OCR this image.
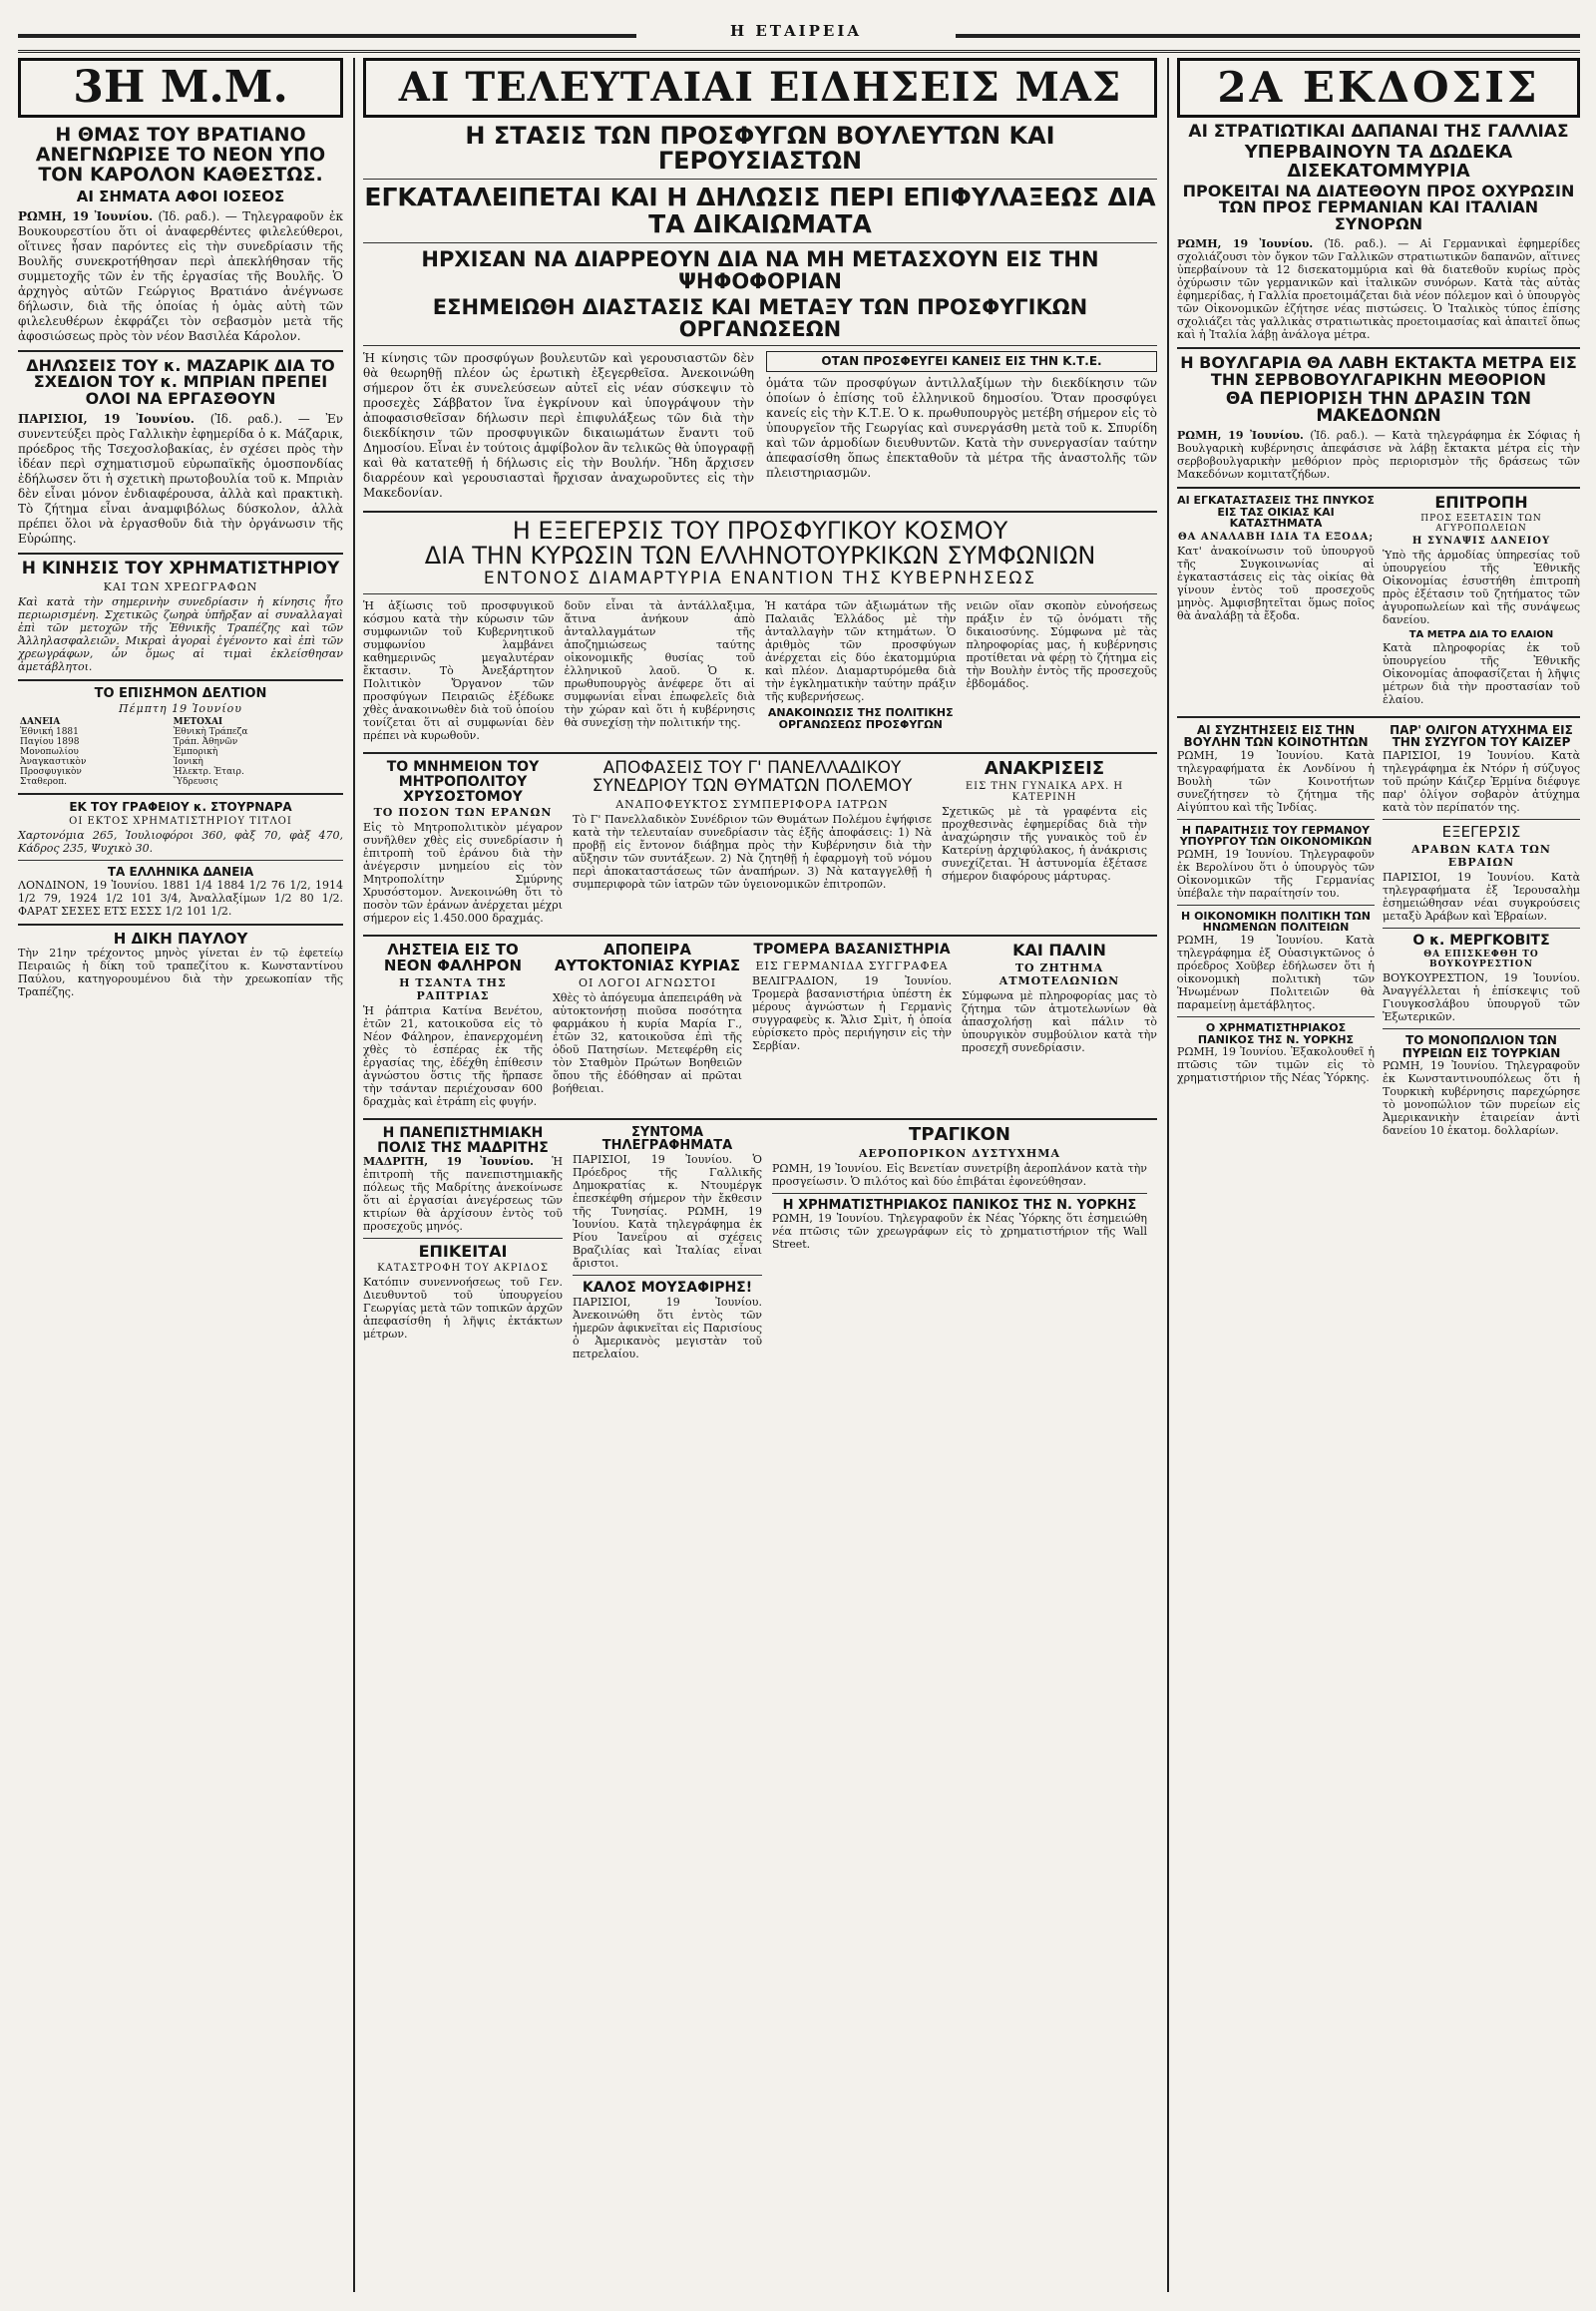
Η ΕΤΑΙΡΕΙΑ
3Η Μ.Μ.

Η ΘΜΑΣ ΤΟΥ ΒΡΑΤΙΑΝΟ ΑΝΕΓΝΩΡΙΣΕ ΤΟ ΝΕΟΝ ΥΠΟ ΤΟΝ ΚΑΡΟΛΟΝ ΚΑΘΕΣΤΩΣ.

ΑΙ ΣΗΜΑΤΑ ΑΦΟΙ ΙΟΣΕΟΣ

ΡΩΜΗ, 19 Ἰουνίου. (Ἰδ. ραδ.). — Τηλεγραφοῦν ἐκ Βουκουρεστίου ὅτι οἱ ἀναφερθέντες φιλελεύθεροι, οἵτινες ἦσαν παρόντες εἰς τὴν συνεδρίασιν τῆς Βουλῆς συνεκροτήθησαν περὶ ἀπεκλήθησαν τῆς συμμετοχῆς τῶν ἐν τῆς ἐργασίας τῆς Βουλῆς. Ὁ ἀρχηγὸς αὐτῶν Γεώργιος Βρατιάνο ἀνέγνωσε δήλωσιν, διὰ τῆς ὁποίας ἡ ὁμὰς αὐτὴ τῶν φιλελευθέρων ἐκφράζει τὸν σεβασμὸν μετὰ τῆς ἀφοσιώσεως πρὸς τὸν νέον Βασιλέα Κάρολον.

ΔΗΛΩΣΕΙΣ ΤΟΥ κ. ΜΑΖΑΡΙΚ ΔΙΑ ΤΟ ΣΧΕΔΙΟΝ ΤΟΥ κ. ΜΠΡΙΑΝ ΠΡΕΠΕΙ ΟΛΟΙ ΝΑ ΕΡΓΑΣΘΟΥΝ

ΠΑΡΙΣΙΟΙ, 19 Ἰουνίου. (Ἰδ. ραδ.). — Ἐν συνεντεύξει πρὸς Γαλλικὴν ἐφημερίδα ὁ κ. Μάζαρικ, πρόεδρος τῆς Τσεχοσλοβακίας, ἐν σχέσει πρὸς τὴν ἰδέαν περὶ σχηματισμοῦ εὐρωπαϊκῆς ὁμοσπονδίας ἐδήλωσεν ὅτι ἡ σχετικὴ πρωτοβουλία τοῦ κ. Μπριὰν δὲν εἶναι μόνον ἐνδιαφέρουσα, ἀλλὰ καὶ πρακτικὴ. Τὸ ζήτημα εἶναι ἀναμφιβόλως δύσκολον, ἀλλὰ πρέπει ὅλοι νὰ ἐργασθοῦν διὰ τὴν ὀργάνωσιν τῆς Εὐρώπης.

Η ΚΙΝΗΣΙΣ ΤΟΥ ΧΡΗΜΑΤΙΣΤΗΡΙΟΥ

ΚΑΙ ΤΩΝ ΧΡΕΩΓΡΑΦΩΝ

Καὶ κατὰ τὴν σημερινὴν συνεδρίασιν ἡ κίνησις ἦτο περιωρισμένη. Σχετικῶς ζωηρὰ ὑπῆρξαν αἱ συναλλαγαὶ ἐπὶ τῶν μετοχῶν τῆς Ἐθνικῆς Τραπέζης καὶ τῶν Ἀλληλασφαλειῶν. Μικραὶ ἀγοραὶ ἐγένοντο καὶ ἐπὶ τῶν χρεωγράφων, ὧν ὅμως αἱ τιμαὶ ἐκλείσθησαν ἀμετάβλητοι.

ΤΟ ΕΠΙΣΗΜΟΝ ΔΕΛΤΙΟΝ

Πέμπτη 19 Ἰουνίου

ΔΑΝΕΙΑ	ΜΕΤΟΧΑΙ
Ἐθνική 1881	Ἐθνικὴ Τράπεζα
Παγίου 1898	Τράπ. Ἀθηνῶν
Μονοπωλίου	Ἐμπορικὴ
Ἀναγκαστικὸν	Ἰονικὴ
Προσφυγικὸν	Ἡλεκτρ. Ἑταιρ.
Σταθεροπ.	Ὕδρευσις

ΕΚ ΤΟΥ ΓΡΑΦΕΙΟΥ κ. ΣΤΟΥΡΝΑΡΑ

ΟΙ ΕΚΤΟΣ ΧΡΗΜΑΤΙΣΤΗΡΙΟΥ ΤΙΤΛΟΙ

Χαρτονόμια 265, Ἰουλιοφόροι 360, φὰξ 70, φὰξ 470, Κάδρος 235, Ψυχικὸ 30.

ΤΑ ΕΛΛΗΝΙΚΑ ΔΑΝΕΙΑ

ΛΟΝΔΙΝΟΝ, 19 Ἰουνίου. 1881 1/4 1884 1/2 76 1/2, 1914 1/2 79, 1924 1/2 101 3/4, Ἀναλλαξίμων 1/2 80 1/2. ΦΑΡΑΤ ΣΕΣΕΣ ΕΤΣ ΕΣΣΣ 1/2 101 1/2.

Η ΔΙΚΗ ΠΑΥΛΟΥ

Τὴν 21ην τρέχοντος μηνὸς γίνεται ἐν τῷ ἐφετείῳ Πειραιῶς ἡ δίκη τοῦ τραπεζίτου κ. Κωνσταντίνου Παύλου, κατηγορουμένου διὰ τὴν χρεωκοπίαν τῆς Τραπέζης.

ΑΙ ΤΕΛΕΥΤΑΙΑΙ ΕΙΔΗΣΕΙΣ ΜΑΣ

Η ΣΤΑΣΙΣ ΤΩΝ ΠΡΟΣΦΥΓΩΝ ΒΟΥΛΕΥΤΩΝ ΚΑΙ ΓΕΡΟΥΣΙΑΣΤΩΝ

ΕΓΚΑΤΑΛΕΙΠΕΤΑΙ ΚΑΙ Η ΔΗΛΩΣΙΣ ΠΕΡΙ ΕΠΙΦΥΛΑΞΕΩΣ ΔΙΑ ΤΑ ΔΙΚΑΙΩΜΑΤΑ

ΗΡΧΙΣΑΝ ΝΑ ΔΙΑΡΡΕΟΥΝ ΔΙΑ ΝΑ ΜΗ ΜΕΤΑΣΧΟΥΝ ΕΙΣ ΤΗΝ ΨΗΦΟΦΟΡΙΑΝ

ΕΣΗΜΕΙΩΘΗ ΔΙΑΣΤΑΣΙΣ ΚΑΙ ΜΕΤΑΞΥ ΤΩΝ ΠΡΟΣΦΥΓΙΚΩΝ ΟΡΓΑΝΩΣΕΩΝ

Ἡ κίνησις τῶν προσφύγων βουλευτῶν καὶ γερουσιαστῶν δὲν θὰ θεωρηθῇ πλέον ὡς ἐρωτικὴ ἐξεγερθεῖσα. Ἀνεκοινώθη σήμερον ὅτι ἐκ συνελεύσεων αὐτεῖ εἰς νέαν σύσκεψιν τὸ προσεχὲς Σάββατον ἵνα ἐγκρίνουν καὶ ὑπογράψουν τὴν ἀποφασισθεῖσαν δήλωσιν περὶ ἐπιφυλάξεως τῶν διὰ τὴν διεκδίκησιν τῶν προσφυγικῶν δικαιωμάτων ἔναντι τοῦ Δημοσίου. Εἶναι ἐν τούτοις ἀμφίβολον ἂν τελικῶς θὰ ὑπογραφῇ καὶ θὰ κατατεθῇ ἡ δήλωσις εἰς τὴν Βουλήν. Ἤδη ἄρχισεν διαρρέουν καὶ γερουσιασταὶ ἤρχισαν ἀναχωροῦντες εἰς τὴν Μακεδονίαν.

ΟΤΑΝ ΠΡΟΣΦΕΥΓΕΙ ΚΑΝΕΙΣ ΕΙΣ ΤΗΝ Κ.Τ.Ε.

ὁμάτα τῶν προσφύγων ἀντιλλαξίμων τὴν διεκδίκησιν τῶν ὁποίων ὁ ἐπίσης τοῦ ἐλληνικοῦ δημοσίου. Ὅταν προσφύγει κανείς εἰς τὴν Κ.Τ.Ε. Ὁ κ. πρωθυπουργὸς μετέβη σήμερον εἰς τὸ ὑπουργεῖον τῆς Γεωργίας καὶ συνεργάσθη μετὰ τοῦ κ. Σπυρίδη καὶ τῶν ἁρμοδίων διευθυντῶν. Κατὰ τὴν συνεργασίαν ταύτην ἀπεφασίσθη ὅπως ἐπεκταθοῦν τὰ μέτρα τῆς ἀναστολῆς τῶν πλειστηριασμῶν.

Η ΕΞΕΓΕΡΣΙΣ ΤΟΥ ΠΡΟΣΦΥΓΙΚΟΥ ΚΟΣΜΟΥ

ΔΙΑ ΤΗΝ ΚΥΡΩΣΙΝ ΤΩΝ ΕΛΛΗΝΟΤΟΥΡΚΙΚΩΝ ΣΥΜΦΩΝΙΩΝ

ΕΝΤΟΝΟΣ ΔΙΑΜΑΡΤΥΡΙΑ ΕΝΑΝΤΙΟΝ ΤΗΣ ΚΥΒΕΡΝΗΣΕΩΣ

Ἡ ἀξίωσις τοῦ προσφυγικοῦ κόσμου κατὰ τὴν κύρωσιν τῶν συμφωνιῶν τοῦ Κυβερνητικοῦ συμφωνίου λαμβάνει καθημερινῶς μεγαλυτέραν ἔκτασιν. Τὸ Ἀνεξάρτητον Πολιτικὸν Ὄργανον τῶν προσφύγων Πειραιῶς ἐξέδωκε χθὲς ἀνακοινωθὲν διὰ τοῦ ὁποίου τονίζεται ὅτι αἱ συμφωνίαι δὲν πρέπει νὰ κυρωθοῦν.

δοῦν εἶναι τὰ ἀντάλλαξιμα, ἅτινα ἀνήκουν ἀπὸ ἀνταλλαγμάτων τῆς ἀποζημιώσεως ταύτης οἰκονομικῆς θυσίας τοῦ ἐλληνικοῦ λαοῦ. Ὁ κ. πρωθυπουργὸς ἀνέφερε ὅτι αἱ συμφωνίαι εἶναι ἐπωφελεῖς διὰ τὴν χώραν καὶ ὅτι ἡ κυβέρνησις θὰ συνεχίσῃ τὴν πολιτικήν της.

Ἡ κατάρα τῶν ἀξιωμάτων τῆς Παλαιᾶς Ἑλλάδος μὲ τὴν ἀνταλλαγὴν τῶν κτημάτων. Ὁ ἀριθμὸς τῶν προσφύγων ἀνέρχεται εἰς δύο ἑκατομμύρια καὶ πλέον. Διαμαρτυρόμεθα διὰ τὴν ἐγκληματικὴν ταύτην πράξιν τῆς κυβερνήσεως.

ΑΝΑΚΟΙΝΩΣΙΣ ΤΗΣ ΠΟΛΙΤΙΚΗΣ ΟΡΓΑΝΩΣΕΩΣ ΠΡΟΣΦΥΓΩΝ

νειῶν οἵαν σκοπὸν εὐνοήσεως πράξιν ἐν τῷ ὀνόματι τῆς δικαιοσύνης. Σύμφωνα μὲ τὰς πληροφορίας μας, ἡ κυβέρνησις προτίθεται νὰ φέρῃ τὸ ζήτημα εἰς τὴν Βουλὴν ἐντὸς τῆς προσεχοῦς ἑβδομάδος.

ΤΟ ΜΝΗΜΕΙΟΝ ΤΟΥ ΜΗΤΡΟΠΟΛΙΤΟΥ ΧΡΥΣΟΣΤΟΜΟΥ

ΤΟ ΠΟΣΟΝ ΤΩΝ ΕΡΑΝΩΝ

Εἰς τὸ Μητροπολιτικὸν μέγαρον συνῆλθεν χθὲς εἰς συνεδρίασιν ἡ ἐπιτροπὴ τοῦ ἐράνου διὰ τὴν ἀνέγερσιν μνημείου εἰς τὸν Μητροπολίτην Σμύρνης Χρυσόστομον. Ἀνεκοινώθη ὅτι τὸ ποσὸν τῶν ἐράνων ἀνέρχεται μέχρι σήμερον εἰς 1.450.000 δραχμάς.

ΑΠΟΦΑΣΕΙΣ ΤΟΥ Γ' ΠΑΝΕΛΛΑΔΙΚΟΥ ΣΥΝΕΔΡΙΟΥ ΤΩΝ ΘΥΜΑΤΩΝ ΠΟΛΕΜΟΥ

ΑΝΑΠΟΦΕΥΚΤΟΣ ΣΥΜΠΕΡΙΦΟΡΑ ΙΑΤΡΩΝ

Τὸ Γ' Πανελλαδικὸν Συνέδριον τῶν Θυμάτων Πολέμου ἐψήφισε κατὰ τὴν τελευταίαν συνεδρίασιν τὰς ἑξῆς ἀποφάσεις: 1) Νὰ προβῇ εἰς ἔντονον διάβημα πρὸς τὴν Κυβέρνησιν διὰ τὴν αὔξησιν τῶν συντάξεων. 2) Νὰ ζητηθῇ ἡ ἐφαρμογὴ τοῦ νόμου περὶ ἀποκαταστάσεως τῶν ἀναπήρων. 3) Νὰ καταγγελθῇ ἡ συμπεριφορὰ τῶν ἰατρῶν τῶν ὑγειονομικῶν ἐπιτροπῶν.

ΑΝΑΚΡΙΣΕΙΣ

ΕΙΣ ΤΗΝ ΓΥΝΑΙΚΑ ΑΡΧ. Η ΚΑΤΕΡΙΝΗ

Σχετικῶς μὲ τὰ γραφέντα εἰς προχθεσινὰς ἐφημερίδας διὰ τὴν ἀναχώρησιν τῆς γυναικὸς τοῦ ἐν Κατερίνῃ ἀρχιφύλακος, ἡ ἀνάκρισις συνεχίζεται. Ἡ ἀστυνομία ἐξέτασε σήμερον διαφόρους μάρτυρας.

ΛΗΣΤΕΙΑ ΕΙΣ ΤΟ ΝΕΟΝ ΦΑΛΗΡΟΝ

Η ΤΣΑΝΤΑ ΤΗΣ ΡΑΠΤΡΙΑΣ

Ἡ ῥάπτρια Κατίνα Βενέτου, ἐτῶν 21, κατοικοῦσα εἰς τὸ Νέον Φάληρον, ἐπανερχομένη χθὲς τὸ ἑσπέρας ἐκ τῆς ἐργασίας της, ἐδέχθη ἐπίθεσιν ἀγνώστου ὅστις τῆς ἥρπασε τὴν τσάνταν περιέχουσαν 600 δραχμὰς καὶ ἐτράπη εἰς φυγήν.

ΑΠΟΠΕΙΡΑ ΑΥΤΟΚΤΟΝΙΑΣ ΚΥΡΙΑΣ

ΟΙ ΛΟΓΟΙ ΑΓΝΩΣΤΟΙ

Χθὲς τὸ ἀπόγευμα ἀπεπειράθη νὰ αὐτοκτονήσῃ πιοῦσα ποσότητα φαρμάκου ἡ κυρία Μαρία Γ., ἐτῶν 32, κατοικοῦσα ἐπὶ τῆς ὁδοῦ Πατησίων. Μετεφέρθη εἰς τὸν Σταθμὸν Πρώτων Βοηθειῶν ὅπου τῆς ἐδόθησαν αἱ πρῶται βοήθειαι.

ΤΡΟΜΕΡΑ ΒΑΣΑΝΙΣΤΗΡΙΑ

ΕΙΣ ΓΕΡΜΑΝΙΔΑ ΣΥΓΓΡΑΦΕΑ

ΒΕΛΙΓΡΑΔΙΟΝ, 19 Ἰουνίου. Τρομερὰ βασανιστήρια ὑπέστη ἐκ μέρους ἀγνώστων ἡ Γερμανὶς συγγραφεὺς κ. Ἄλισ Σμὶτ, ἡ ὁποία εὑρίσκετο πρὸς περιήγησιν εἰς τὴν Σερβίαν.

ΚΑΙ ΠΑΛΙΝ

ΤΟ ΖΗΤΗΜΑ ΑΤΜΟΤΕΛΩΝΙΩΝ

Σύμφωνα μὲ πληροφορίας μας τὸ ζήτημα τῶν ἀτμοτελωνίων θὰ ἀπασχολήσῃ καὶ πάλιν τὸ ὑπουργικὸν συμβούλιον κατὰ τὴν προσεχῆ συνεδρίασιν.

Η ΠΑΝΕΠΙΣΤΗΜΙΑΚΗ ΠΟΛΙΣ ΤΗΣ ΜΑΔΡΙΤΗΣ

ΜΑΔΡΙΤΗ, 19 Ἰουνίου. Ἡ ἐπιτροπὴ τῆς πανεπιστημιακῆς πόλεως τῆς Μαδρίτης ἀνεκοίνωσε ὅτι αἱ ἐργασίαι ἀνεγέρσεως τῶν κτιρίων θὰ ἀρχίσουν ἐντὸς τοῦ προσεχοῦς μηνός.

ΕΠΙΚΕΙΤΑΙ

ΚΑΤΑΣΤΡΟΦΗ ΤΟΥ ΑΚΡΙΔΟΣ

Κατόπιν συνεννοήσεως τοῦ Γεν. Διευθυντοῦ τοῦ ὑπουργείου Γεωργίας μετὰ τῶν τοπικῶν ἀρχῶν ἀπεφασίσθη ἡ λῆψις ἐκτάκτων μέτρων.

ΣΥΝΤΟΜΑ ΤΗΛΕΓΡΑΦΗΜΑΤΑ

ΠΑΡΙΣΙΟΙ, 19 Ἰουνίου. Ὁ Πρόεδρος τῆς Γαλλικῆς Δημοκρατίας κ. Ντουμέργκ ἐπεσκέφθη σήμερον τὴν ἔκθεσιν τῆς Τυνησίας. ΡΩΜΗ, 19 Ἰουνίου. Κατὰ τηλεγράφημα ἐκ Ρίου Ἰανεΐρου αἱ σχέσεις Βραζιλίας καὶ Ἰταλίας εἶναι ἄριστοι.

ΚΑΛΟΣ ΜΟΥΣΑΦΙΡΗΣ!

ΠΑΡΙΣΙΟΙ, 19 Ἰουνίου. Ἀνεκοινώθη ὅτι ἐντὸς τῶν ἡμερῶν ἀφικνεῖται εἰς Παρισίους ὁ Ἀμερικανὸς μεγιστὰν τοῦ πετρελαίου.

ΤΡΑΓΙΚΟΝ

ΑΕΡΟΠΟΡΙΚΟΝ ΔΥΣΤΥΧΗΜΑ

ΡΩΜΗ, 19 Ἰουνίου. Εἰς Βενετίαν συνετρίβη ἀεροπλάνον κατὰ τὴν προσγείωσιν. Ὁ πιλότος καὶ δύο ἐπιβάται ἐφονεύθησαν.

Η ΧΡΗΜΑΤΙΣΤΗΡΙΑΚΟΣ ΠΑΝΙΚΟΣ ΤΗΣ Ν. ΥΟΡΚΗΣ

ΡΩΜΗ, 19 Ἰουνίου. Τηλεγραφοῦν ἐκ Νέας Ὑόρκης ὅτι ἐσημειώθη νέα πτῶσις τῶν χρεωγράφων εἰς τὸ χρηματιστήριον τῆς Wall Street.

2Α ΕΚΔΟΣΙΣ

ΑΙ ΣΤΡΑΤΙΩΤΙΚΑΙ ΔΑΠΑΝΑΙ ΤΗΣ ΓΑΛΛΙΑΣ

ΥΠΕΡΒΑΙΝΟΥΝ ΤΑ ΔΩΔΕΚΑ ΔΙΣΕΚΑΤΟΜΜΥΡΙΑ

ΠΡΟΚΕΙΤΑΙ ΝΑ ΔΙΑΤΕΘΟΥΝ ΠΡΟΣ ΟΧΥΡΩΣΙΝ ΤΩΝ ΠΡΟΣ ΓΕΡΜΑΝΙΑΝ ΚΑΙ ΙΤΑΛΙΑΝ ΣΥΝΟΡΩΝ

ΡΩΜΗ, 19 Ἰουνίου. (Ἰδ. ραδ.). — Αἱ Γερμανικαὶ ἐφημερίδες σχολιάζουσι τὸν ὄγκον τῶν Γαλλικῶν στρατιωτικῶν δαπανῶν, αἵτινες ὑπερβαίνουν τὰ 12 δισεκατομμύρια καὶ θὰ διατεθοῦν κυρίως πρὸς ὀχύρωσιν τῶν γερμανικῶν καὶ ἰταλικῶν συνόρων. Κατὰ τὰς αὐτὰς ἐφημερίδας, ἡ Γαλλία προετοιμάζεται διὰ νέον πόλεμον καὶ ὁ ὑπουργὸς τῶν Οἰκονομικῶν ἐζήτησε νέας πιστώσεις. Ὁ Ἰταλικὸς τύπος ἐπίσης σχολιάζει τὰς γαλλικὰς στρατιωτικὰς προετοιμασίας καὶ ἀπαιτεῖ ὅπως καὶ ἡ Ἰταλία λάβῃ ἀνάλογα μέτρα.

Η ΒΟΥΛΓΑΡΙΑ ΘΑ ΛΑΒΗ ΕΚΤΑΚΤΑ ΜΕΤΡΑ ΕΙΣ ΤΗΝ ΣΕΡΒΟΒΟΥΛΓΑΡΙΚΗΝ ΜΕΘΟΡΙΟΝ

ΘΑ ΠΕΡΙΟΡΙΣΗ ΤΗΝ ΔΡΑΣΙΝ ΤΩΝ ΜΑΚΕΔΟΝΩΝ

ΡΩΜΗ, 19 Ἰουνίου. (Ἰδ. ραδ.). — Κατὰ τηλεγράφημα ἐκ Σόφιας ἡ Βουλγαρικὴ κυβέρνησις ἀπεφάσισε νὰ λάβῃ ἔκτακτα μέτρα εἰς τὴν σερβοβουλγαρικὴν μεθόριον πρὸς περιορισμὸν τῆς δράσεως τῶν Μακεδόνων κομιτατζήδων.

ΑΙ ΕΓΚΑΤΑΣΤΑΣΕΙΣ ΤΗΣ ΠΝΥΚΟΣ ΕΙΣ ΤΑΣ ΟΙΚΙΑΣ ΚΑΙ ΚΑΤΑΣΤΗΜΑΤΑ

ΘΑ ΑΝΑΛΑΒΗ ΙΔΙΑ ΤΑ ΕΞΟΔΑ;

Κατ' ἀνακοίνωσιν τοῦ ὑπουργοῦ τῆς Συγκοινωνίας αἱ ἐγκαταστάσεις εἰς τὰς οἰκίας θὰ γίνουν ἐντὸς τοῦ προσεχοῦς μηνὸς. Ἀμφισβητεῖται ὅμως ποῖος θὰ ἀναλάβῃ τὰ ἔξοδα.

ΕΠΙΤΡΟΠΗ

ΠΡΟΣ ΕΞΕΤΑΣΙΝ ΤΩΝ ΑΓΥΡΟΠΩΛΕΙΩΝ

Η ΣΥΝΑΨΙΣ ΔΑΝΕΙΟΥ

Ὑπὸ τῆς ἁρμοδίας ὑπηρεσίας τοῦ ὑπουργείου τῆς Ἐθνικῆς Οἰκονομίας ἐσυστήθη ἐπιτροπὴ πρὸς ἐξέτασιν τοῦ ζητήματος τῶν ἀγυροπωλείων καὶ τῆς συνάψεως δανείου.

ΤΑ ΜΕΤΡΑ ΔΙΑ ΤΟ ΕΛΑΙΟΝ

Κατὰ πληροφορίας ἐκ τοῦ ὑπουργείου τῆς Ἐθνικῆς Οἰκονομίας ἀποφασίζεται ἡ λῆψις μέτρων διὰ τὴν προστασίαν τοῦ ἐλαίου.

ΑΙ ΣΥΖΗΤΗΣΕΙΣ ΕΙΣ ΤΗΝ ΒΟΥΛΗΝ ΤΩΝ ΚΟΙΝΟΤΗΤΩΝ

ΡΩΜΗ, 19 Ἰουνίου. Κατὰ τηλεγραφήματα ἐκ Λονδίνου ἡ Βουλὴ τῶν Κοινοτήτων συνεζήτησεν τὸ ζήτημα τῆς Αἰγύπτου καὶ τῆς Ἰνδίας.

Η ΠΑΡΑΙΤΗΣΙΣ ΤΟΥ ΓΕΡΜΑΝΟΥ ΥΠΟΥΡΓΟΥ ΤΩΝ ΟΙΚΟΝΟΜΙΚΩΝ

ΡΩΜΗ, 19 Ἰουνίου. Τηλεγραφοῦν ἐκ Βερολίνου ὅτι ὁ ὑπουργὸς τῶν Οἰκονομικῶν τῆς Γερμανίας ὑπέβαλε τὴν παραίτησίν του.

Η ΟΙΚΟΝΟΜΙΚΗ ΠΟΛΙΤΙΚΗ ΤΩΝ ΗΝΩΜΕΝΩΝ ΠΟΛΙΤΕΙΩΝ

ΡΩΜΗ, 19 Ἰουνίου. Κατὰ τηλεγράφημα ἐξ Οὐασιγκτῶνος ὁ πρόεδρος Χοῦβερ ἐδήλωσεν ὅτι ἡ οἰκονομικὴ πολιτικὴ τῶν Ἡνωμένων Πολιτειῶν θὰ παραμείνῃ ἀμετάβλητος.

Ο ΧΡΗΜΑΤΙΣΤΗΡΙΑΚΟΣ ΠΑΝΙΚΟΣ ΤΗΣ Ν. ΥΟΡΚΗΣ

ΡΩΜΗ, 19 Ἰουνίου. Ἐξακολουθεῖ ἡ πτῶσις τῶν τιμῶν εἰς τὸ χρηματιστήριον τῆς Νέας Ὑόρκης.

ΠΑΡ' ΟΛΙΓΟΝ ΑΤΥΧΗΜΑ ΕΙΣ ΤΗΝ ΣΥΖΥΓΟΝ ΤΟΥ ΚΑΙΖΕΡ

ΠΑΡΙΣΙΟΙ, 19 Ἰουνίου. Κατὰ τηλεγράφημα ἐκ Ντόρν ἡ σύζυγος τοῦ πρώην Κάιζερ Ἑρμίνα διέφυγε παρ' ὀλίγον σοβαρὸν ἀτύχημα κατὰ τὸν περίπατόν της.

ΕΞΕΓΕΡΣΙΣ

ΑΡΑΒΩΝ ΚΑΤΑ ΤΩΝ ΕΒΡΑΙΩΝ

ΠΑΡΙΣΙΟΙ, 19 Ἰουνίου. Κατὰ τηλεγραφήματα ἐξ Ἱερουσαλὴμ ἐσημειώθησαν νέαι συγκρούσεις μεταξὺ Ἀράβων καὶ Ἑβραίων.

Ο κ. ΜΕΡΓΚΟΒΙΤΣ

ΘΑ ΕΠΙΣΚΕΦΘΗ ΤΟ ΒΟΥΚΟΥΡΕΣΤΙΟΝ

ΒΟΥΚΟΥΡΕΣΤΙΟΝ, 19 Ἰουνίου. Ἀναγγέλλεται ἡ ἐπίσκεψις τοῦ Γιουγκοσλάβου ὑπουργοῦ τῶν Ἐξωτερικῶν.

ΤΟ ΜΟΝΟΠΩΛΙΟΝ ΤΩΝ ΠΥΡΕΙΩΝ ΕΙΣ ΤΟΥΡΚΙΑΝ

ΡΩΜΗ, 19 Ἰουνίου. Τηλεγραφοῦν ἐκ Κωνσταντινουπόλεως ὅτι ἡ Τουρκικὴ κυβέρνησις παρεχώρησε τὸ μονοπώλιον τῶν πυρείων εἰς Ἀμερικανικὴν ἑταιρείαν ἀντὶ δανείου 10 ἑκατομ. δολλαρίων.
